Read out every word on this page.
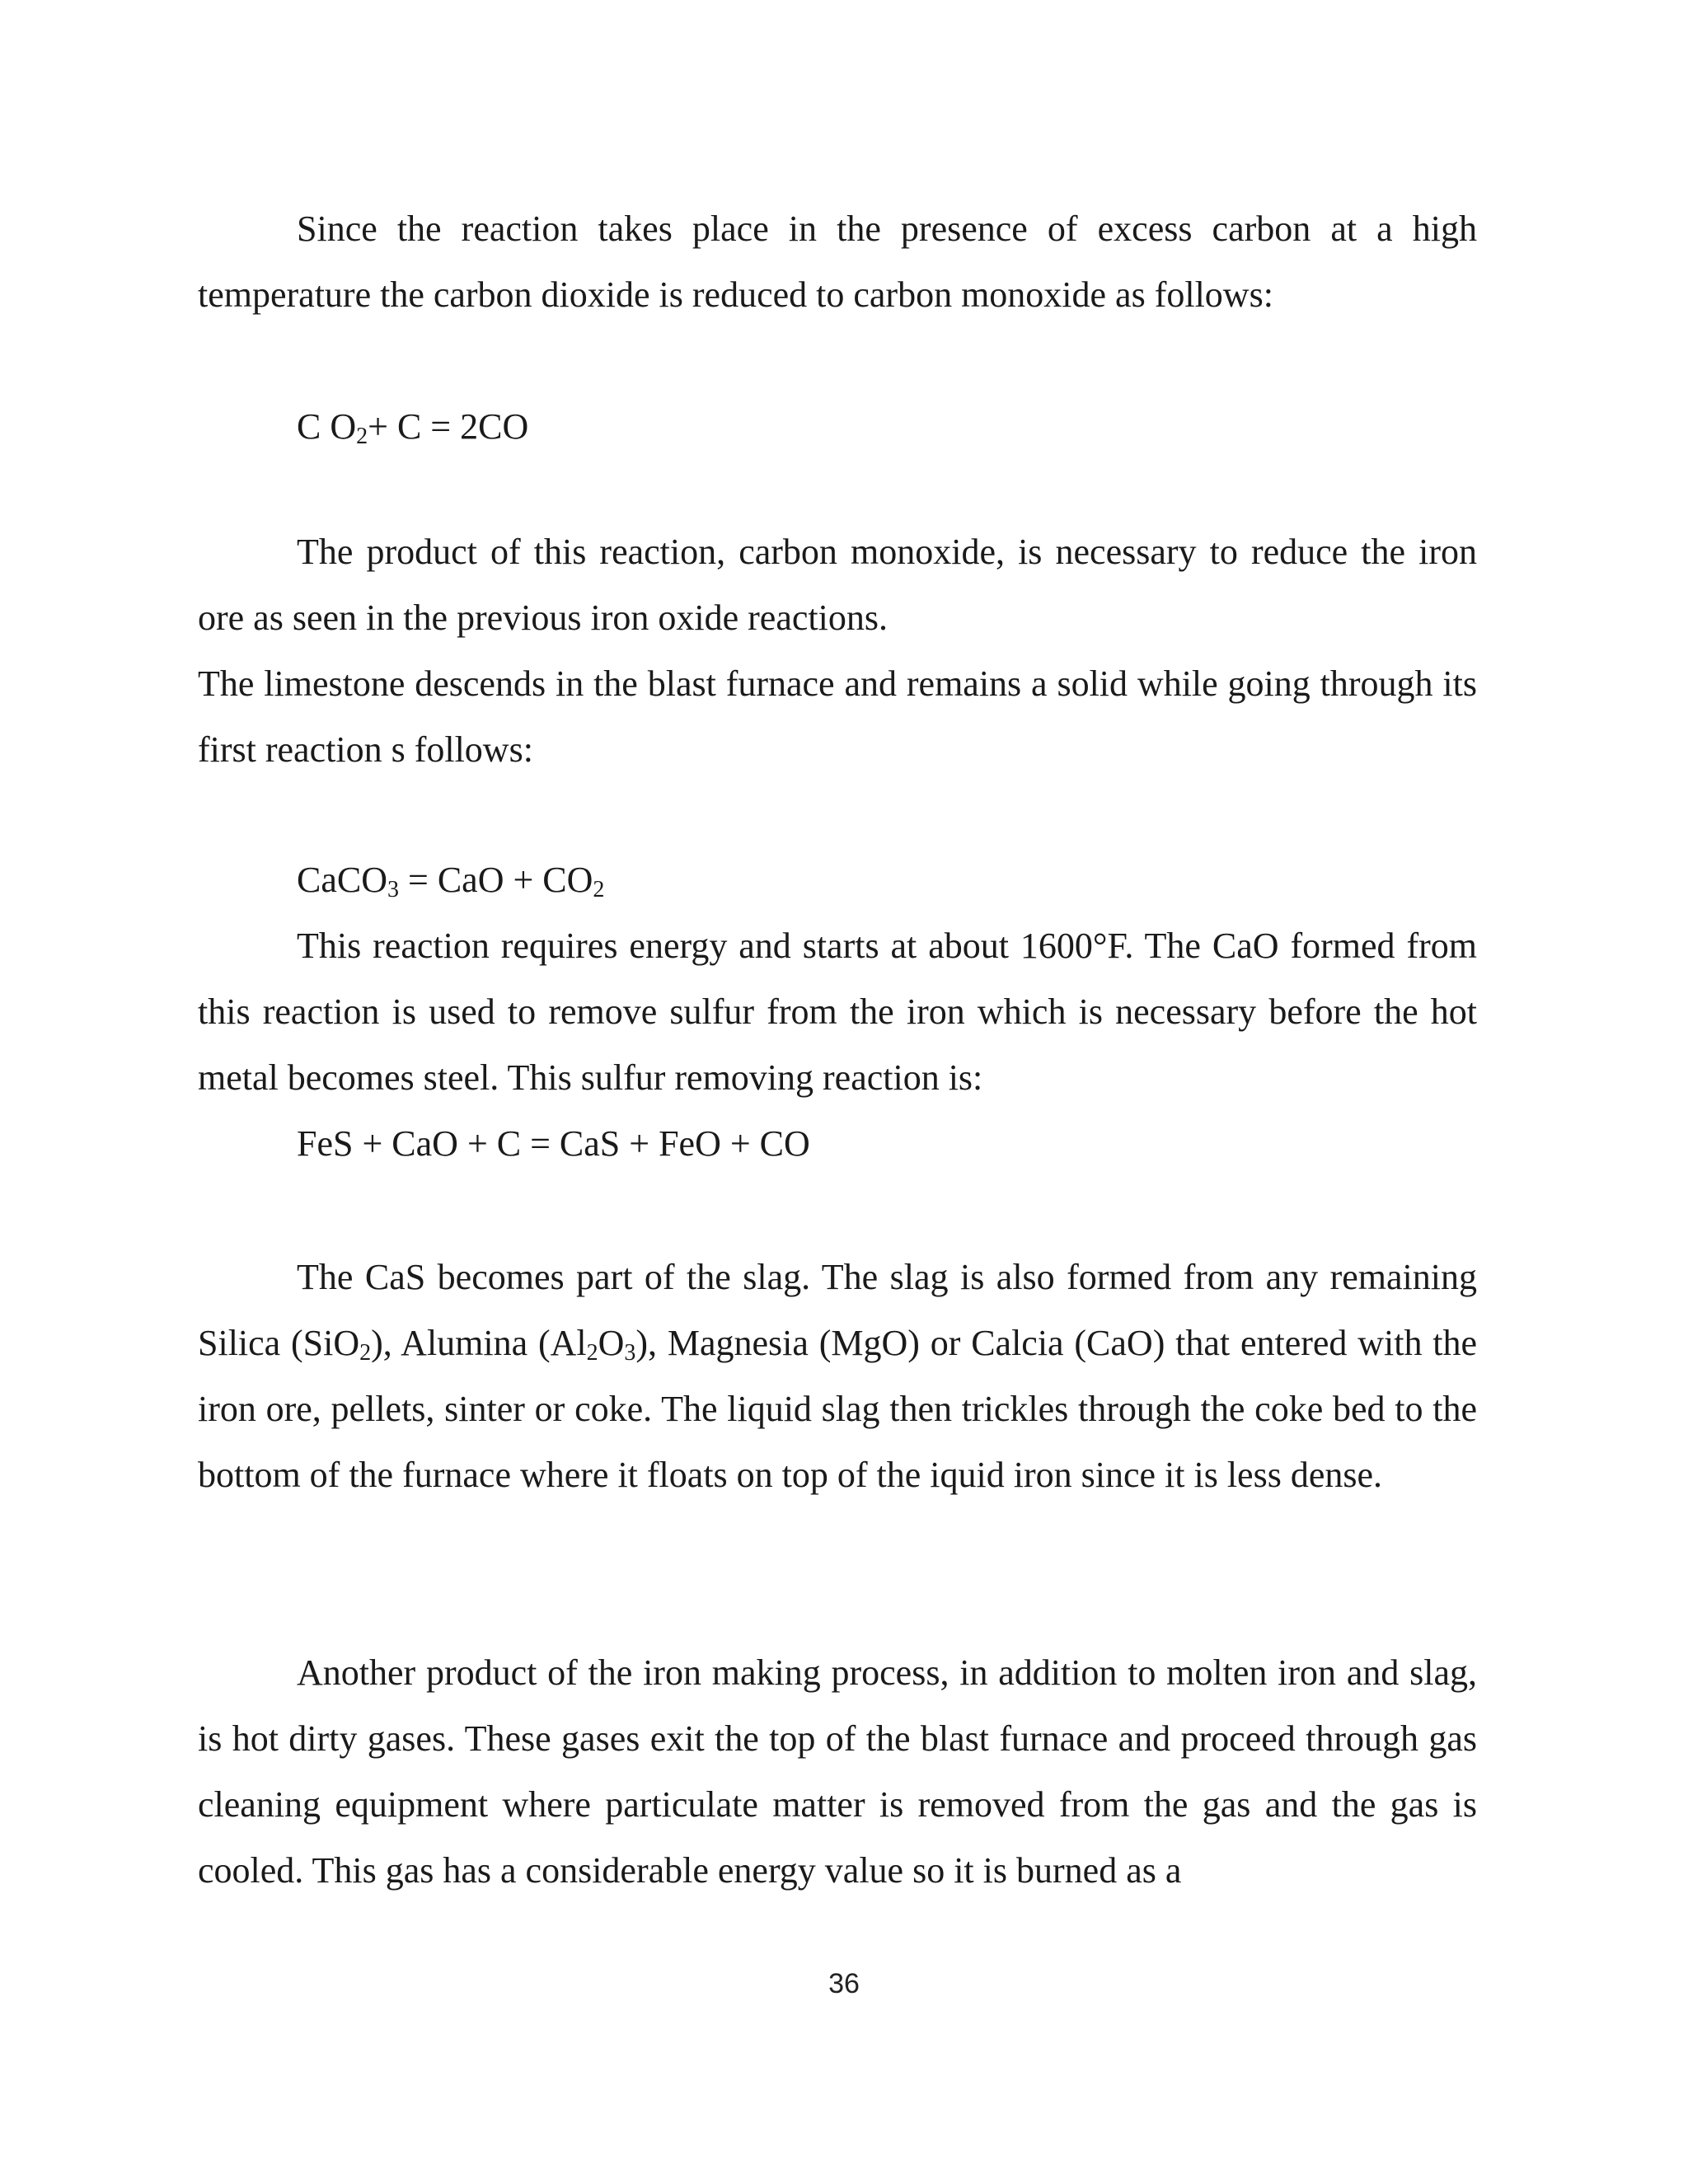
Since the reaction takes place in the presence of excess carbon at a high temperature the carbon dioxide is reduced to carbon monoxide as follows:

C $O_2+ C = 2CO$

The product of this reaction, carbon monoxide, is necessary to reduce the iron ore as seen in the previous iron oxide reactions.

The limestone descends in the blast furnace and remains a solid while going through its first reaction s follows:

CaCO$_3$ = CaO + $CO_2$

This reaction requires energy and starts at about 1600°F. The CaO formed from this reaction is used to remove sulfur from the iron which is necessary before the hot metal becomes steel. This sulfur removing reaction is:

FeS + CaO + C = CaS + FeO + CO

The CaS becomes part of the slag. The slag is also formed from any remaining Silica (SiO$_2$), Alumina $(Al_2O_3)$, Magnesia (MgO) or Calcia (CaO) that entered with the iron ore, pellets, sinter or coke. The liquid slag then trickles through the coke bed to the bottom of the furnace where it floats on top of the iquid iron since it is less dense.

Another product of the iron making process, in addition to molten iron and slag, is hot dirty gases. These gases exit the top of the blast furnace and proceed through gas cleaning equipment where particulate matter is removed from the gas and the gas is cooled. This gas has a considerable energy value so it is burned as a

36
